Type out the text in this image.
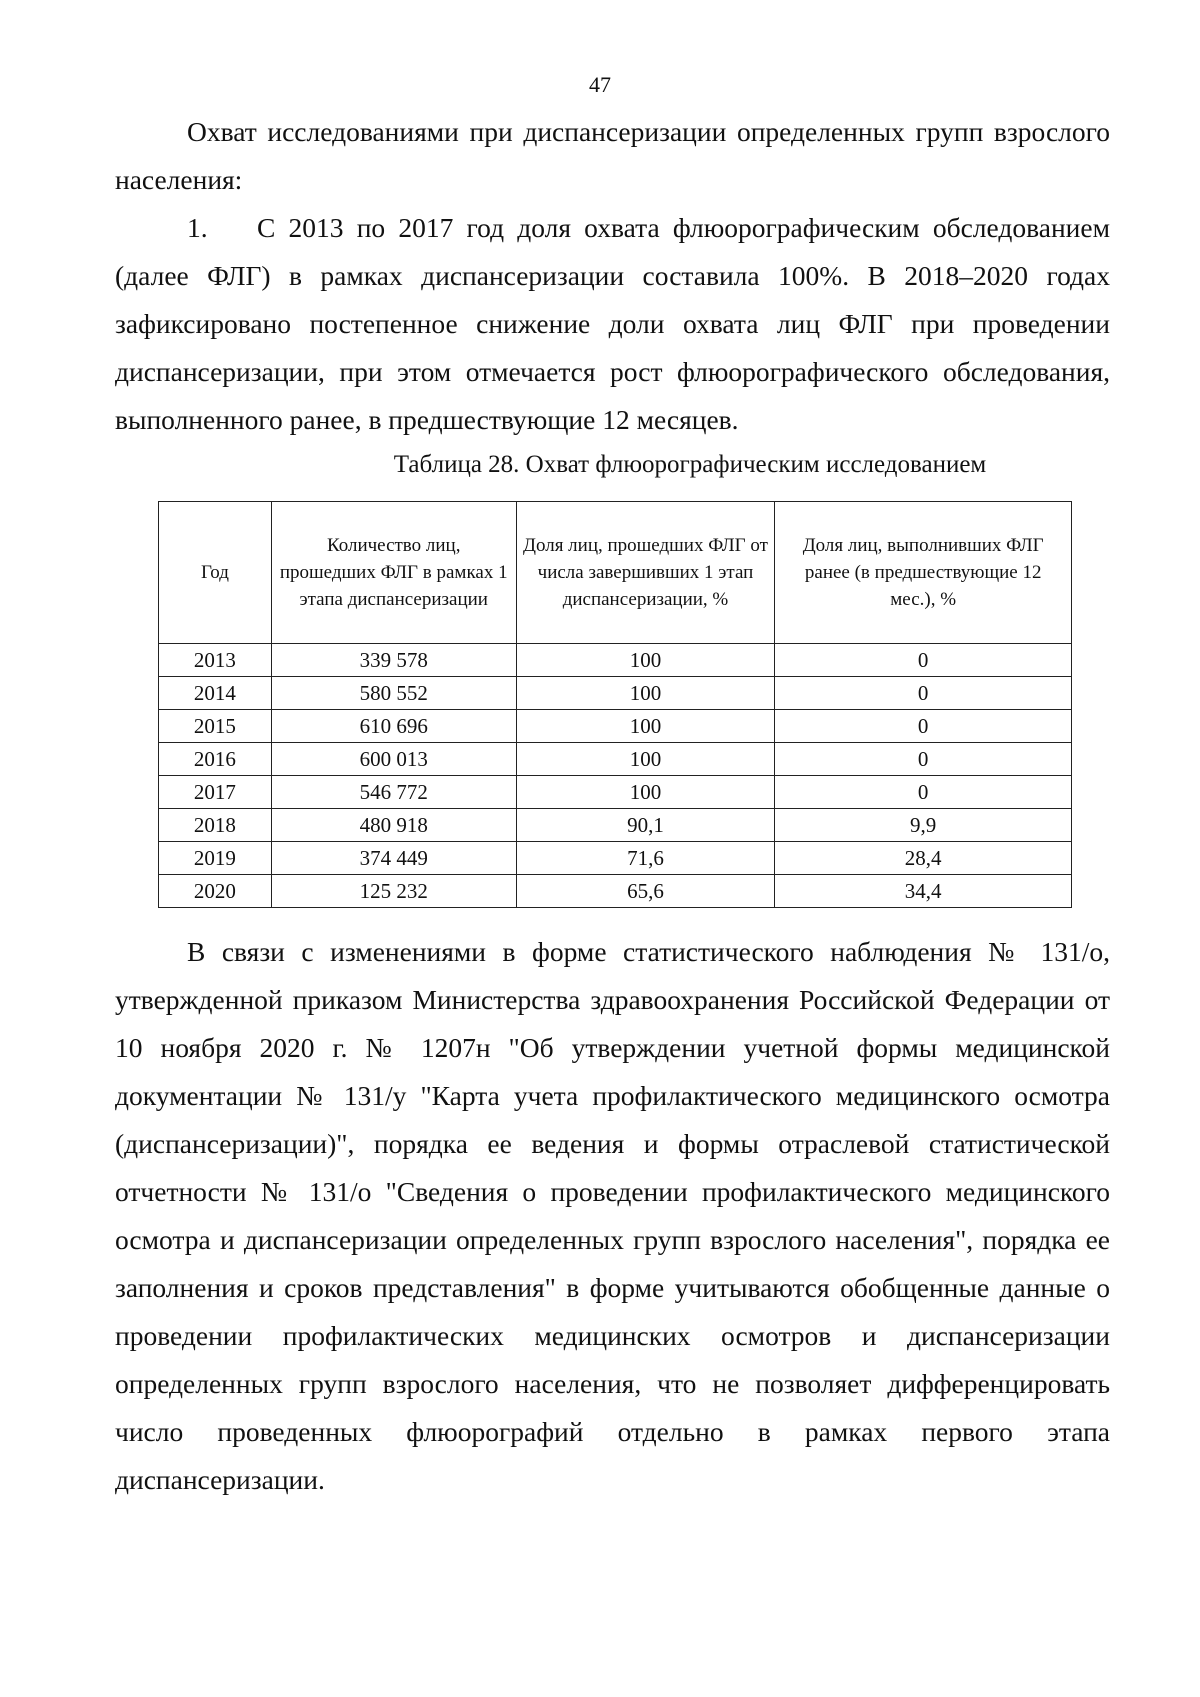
47

Охват исследованиями при диспансеризации определенных групп взрослого населения:

1. С 2013 по 2017 год доля охвата флюорографическим обследованием (далее ФЛГ) в рамках диспансеризации составила 100%. В 2018–2020 годах зафиксировано постепенное снижение доли охвата лиц ФЛГ при проведении диспансеризации, при этом отмечается рост флюорографического обследования, выполненного ранее, в предшествующие 12 месяцев.

Таблица 28. Охват флюорографическим исследованием
Год	Количество лиц, прошедших ФЛГ в рамках 1 этапа диспансеризации	Доля лиц, прошедших ФЛГ от числа завершивших 1 этап диспансеризации, %	Доля лиц, выполнивших ФЛГ ранее (в предшествующие 12 мес.), %
2013	339 578	100	0
2014	580 552	100	0
2015	610 696	100	0
2016	600 013	100	0
2017	546 772	100	0
2018	480 918	90,1	9,9
2019	374 449	71,6	28,4
2020	125 232	65,6	34,4

В связи с изменениями в форме статистического наблюдения № 131/о, утвержденной приказом Министерства здравоохранения Российской Федерации от 10 ноября 2020 г. № 1207н "Об утверждении учетной формы медицинской документации № 131/у "Карта учета профилактического медицинского осмотра (диспансеризации)", порядка ее ведения и формы отраслевой статистической отчетности № 131/о "Сведения о проведении профилактического медицинского осмотра и диспансеризации определенных групп взрослого населения", порядка ее заполнения и сроков представления" в форме учитываются обобщенные данные о проведении профилактических медицинских осмотров и диспансеризации определенных групп взрослого населения, что не позволяет дифференцировать число проведенных флюорографий отдельно в рамках первого этапа диспансеризации.
